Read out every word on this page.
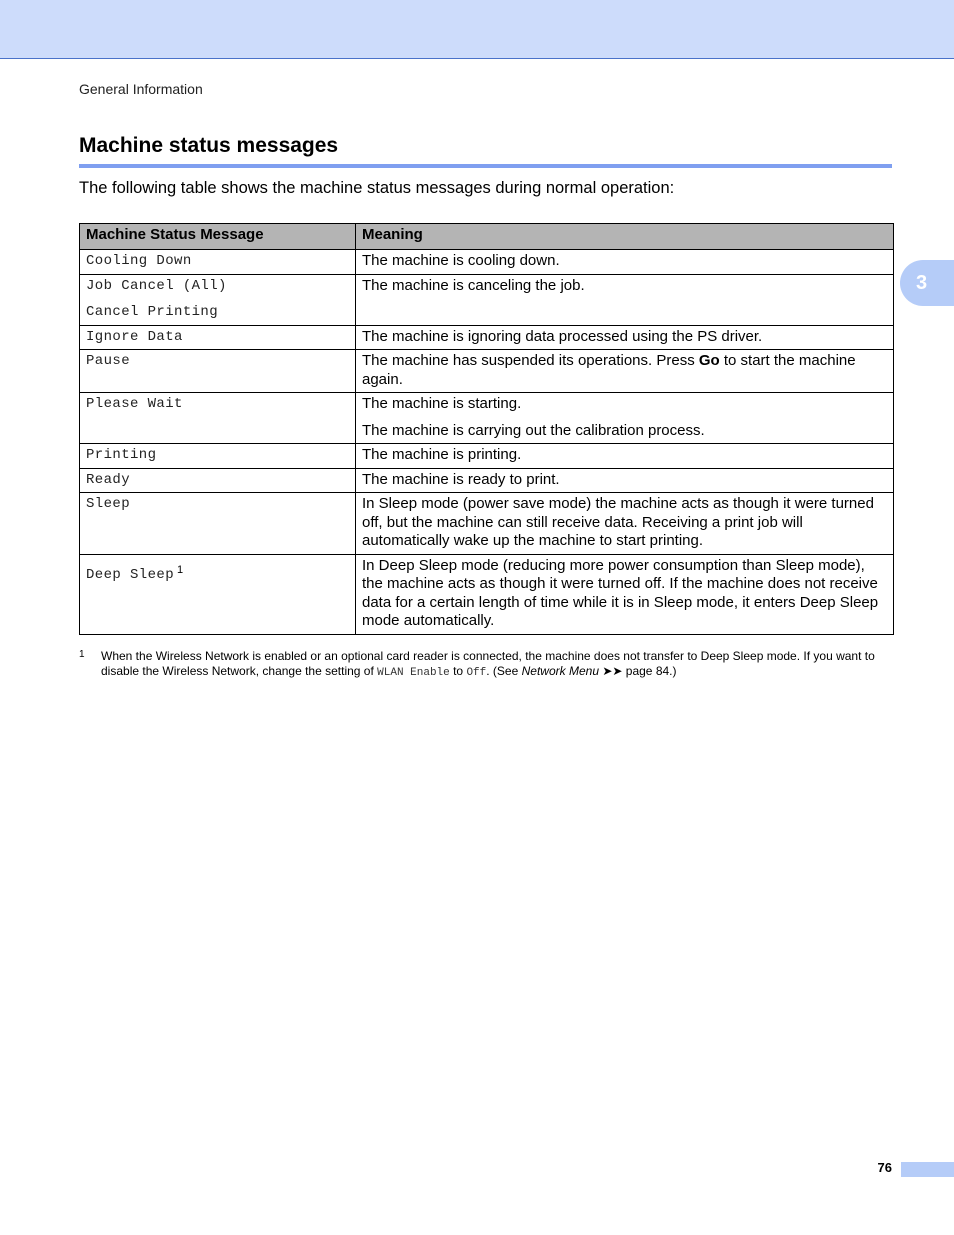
General Information
Machine status messages

The following table shows the machine status messages during normal operation:

3
Machine Status Message	Meaning

Cooling Down	The machine is cooling down.

Job Cancel (All)
Cancel Printing	The machine is canceling the job.

Ignore Data	The machine is ignoring data processed using the PS driver.

Pause	The machine has suspended its operations. Press Go to start the machine again.

Please Wait	The machine is starting.
The machine is carrying out the calibration process.

Printing	The machine is printing.

Ready	The machine is ready to print.

Sleep	In Sleep mode (power save mode) the machine acts as though it were turned off, but the machine can still receive data. Receiving a print job will automatically wake up the machine to start printing.

Deep Sleep $^1$	In Deep Sleep mode (reducing more power consumption than Sleep mode), the machine acts as though it were turned off. If the machine does not receive data for a certain length of time while it is in Sleep mode, it enters Deep Sleep mode automatically.
1 When the Wireless Network is enabled or an optional card reader is connected, the machine does not transfer to Deep Sleep mode. If you want to disable the Wireless Network, change the setting of WLAN Enable to Off. (See Network Menu ➤➤ page 84.)
76
